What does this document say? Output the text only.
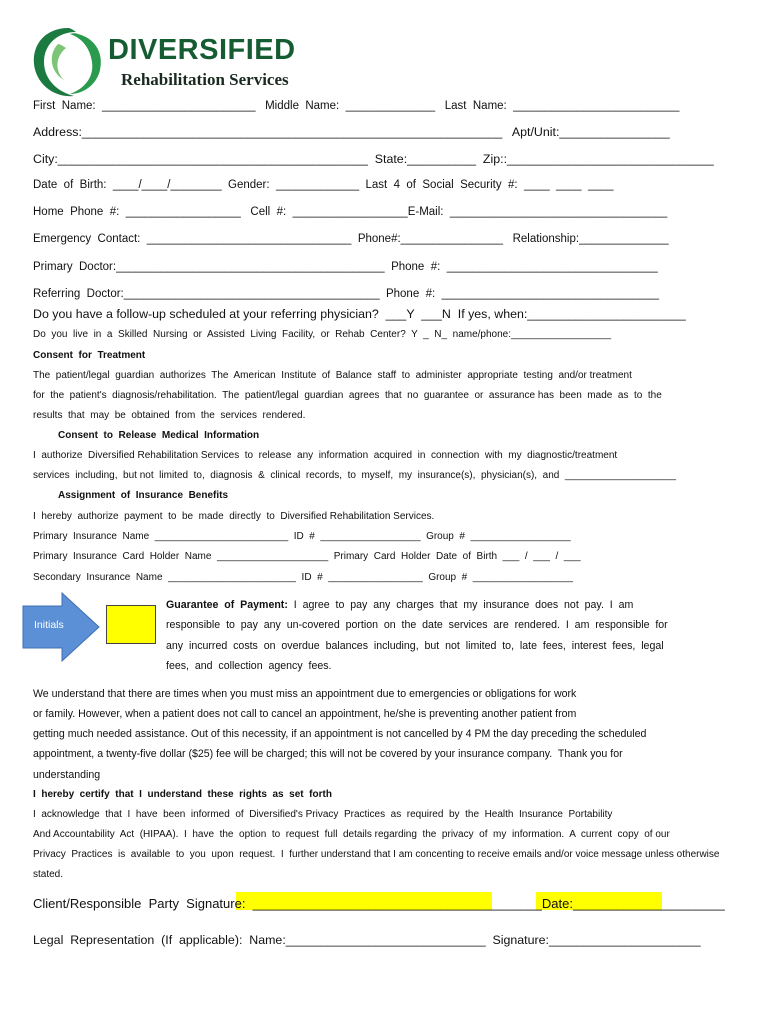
DIVERSIFIED
Rehabilitation Services
First  Name:  ________________________   Middle  Name:  ______________   Last  Name:  __________________________
Address:_____________________________________________________________   Apt/Unit:________________
City:_____________________________________________  State:__________  Zip::______________________________
Date  of  Birth:  ____/____/________  Gender:  _____________  Last  4  of  Social  Security  #:  ____  ____  ____
Home  Phone  #:  __________________   Cell  #:  __________________E-Mail:  __________________________________
Emergency  Contact:  ________________________________  Phone#:________________   Relationship:______________
Primary  Doctor:__________________________________________  Phone  #:  _________________________________
Referring  Doctor:________________________________________  Phone  #:  __________________________________
Do you have a follow-up scheduled at your referring physician?  ___Y  ___N  If yes, when:_______________________
Do  you  live  in  a  Skilled  Nursing  or  Assisted  Living  Facility,  or  Rehab  Center?  Y  _  N_  name/phone:__________________
Consent  for  Treatment
The  patient/legal  guardian  authorizes  The  American  Institute  of  Balance  staff  to  administer  appropriate  testing  and/or treatment
for  the  patient's  diagnosis/rehabilitation.  The  patient/legal  guardian  agrees  that  no  guarantee  or  assurance has  been  made  as  to  the
results  that  may  be  obtained  from  the  services  rendered.
Consent  to  Release  Medical  Information
I  authorize  Diversified Rehabilitation Services  to  release  any  information  acquired  in  connection  with  my  diagnostic/treatment
services  including,  but not  limited  to,  diagnosis  &  clinical  records,  to  myself,  my  insurance(s),  physician(s),  and  ____________________
Assignment  of  Insurance  Benefits
I  hereby  authorize  payment  to  be  made  directly  to  Diversified Rehabilitation Services.
Primary  Insurance  Name  ________________________  ID  #  __________________  Group  #  __________________
Primary  Insurance  Card  Holder  Name  ____________________  Primary  Card  Holder  Date  of  Birth  ___  /  ___  /  ___
Secondary  Insurance  Name  _______________________  ID  #  _________________  Group  #  __________________
Initials
Guarantee  of  Payment:  I  agree  to  pay  any  charges  that  my  insurance  does  not  pay.  I  am
responsible  to  pay  any  un-covered  portion  on  the  date  services  are  rendered.  I  am  responsible  for
any  incurred  costs  on  overdue  balances  including,  but  not  limited  to,  late  fees,  interest  fees,  legal
fees,  and  collection  agency  fees.
We understand that there are times when you must miss an appointment due to emergencies or obligations for work
or family. However, when a patient does not call to cancel an appointment, he/she is preventing another patient from
getting much needed assistance. Out of this necessity, if an appointment is not cancelled by 4 PM the day preceding the scheduled
appointment, a twenty-five dollar ($25) fee will be charged; this will not be covered by your insurance company.  Thank you for
understanding
I  hereby  certify  that  I  understand  these  rights  as  set  forth
I  acknowledge  that  I  have  been  informed  of  Diversified's Privacy  Practices  as  required  by  the  Health  Insurance  Portability
And Accountability  Act  (HIPAA).  I  have  the  option  to  request  full  details regarding  the  privacy  of  my  information.  A  current  copy  of our
Privacy  Practices  is  available  to  you  upon  request.  I  further understand that I am concenting to receive emails and/or voice message unless otherwise
stated.
Client/Responsible  Party  Signature:  ________________________________________Date:_____________________
Legal  Representation  (If  applicable):  Name:_____________________________  Signature:______________________
